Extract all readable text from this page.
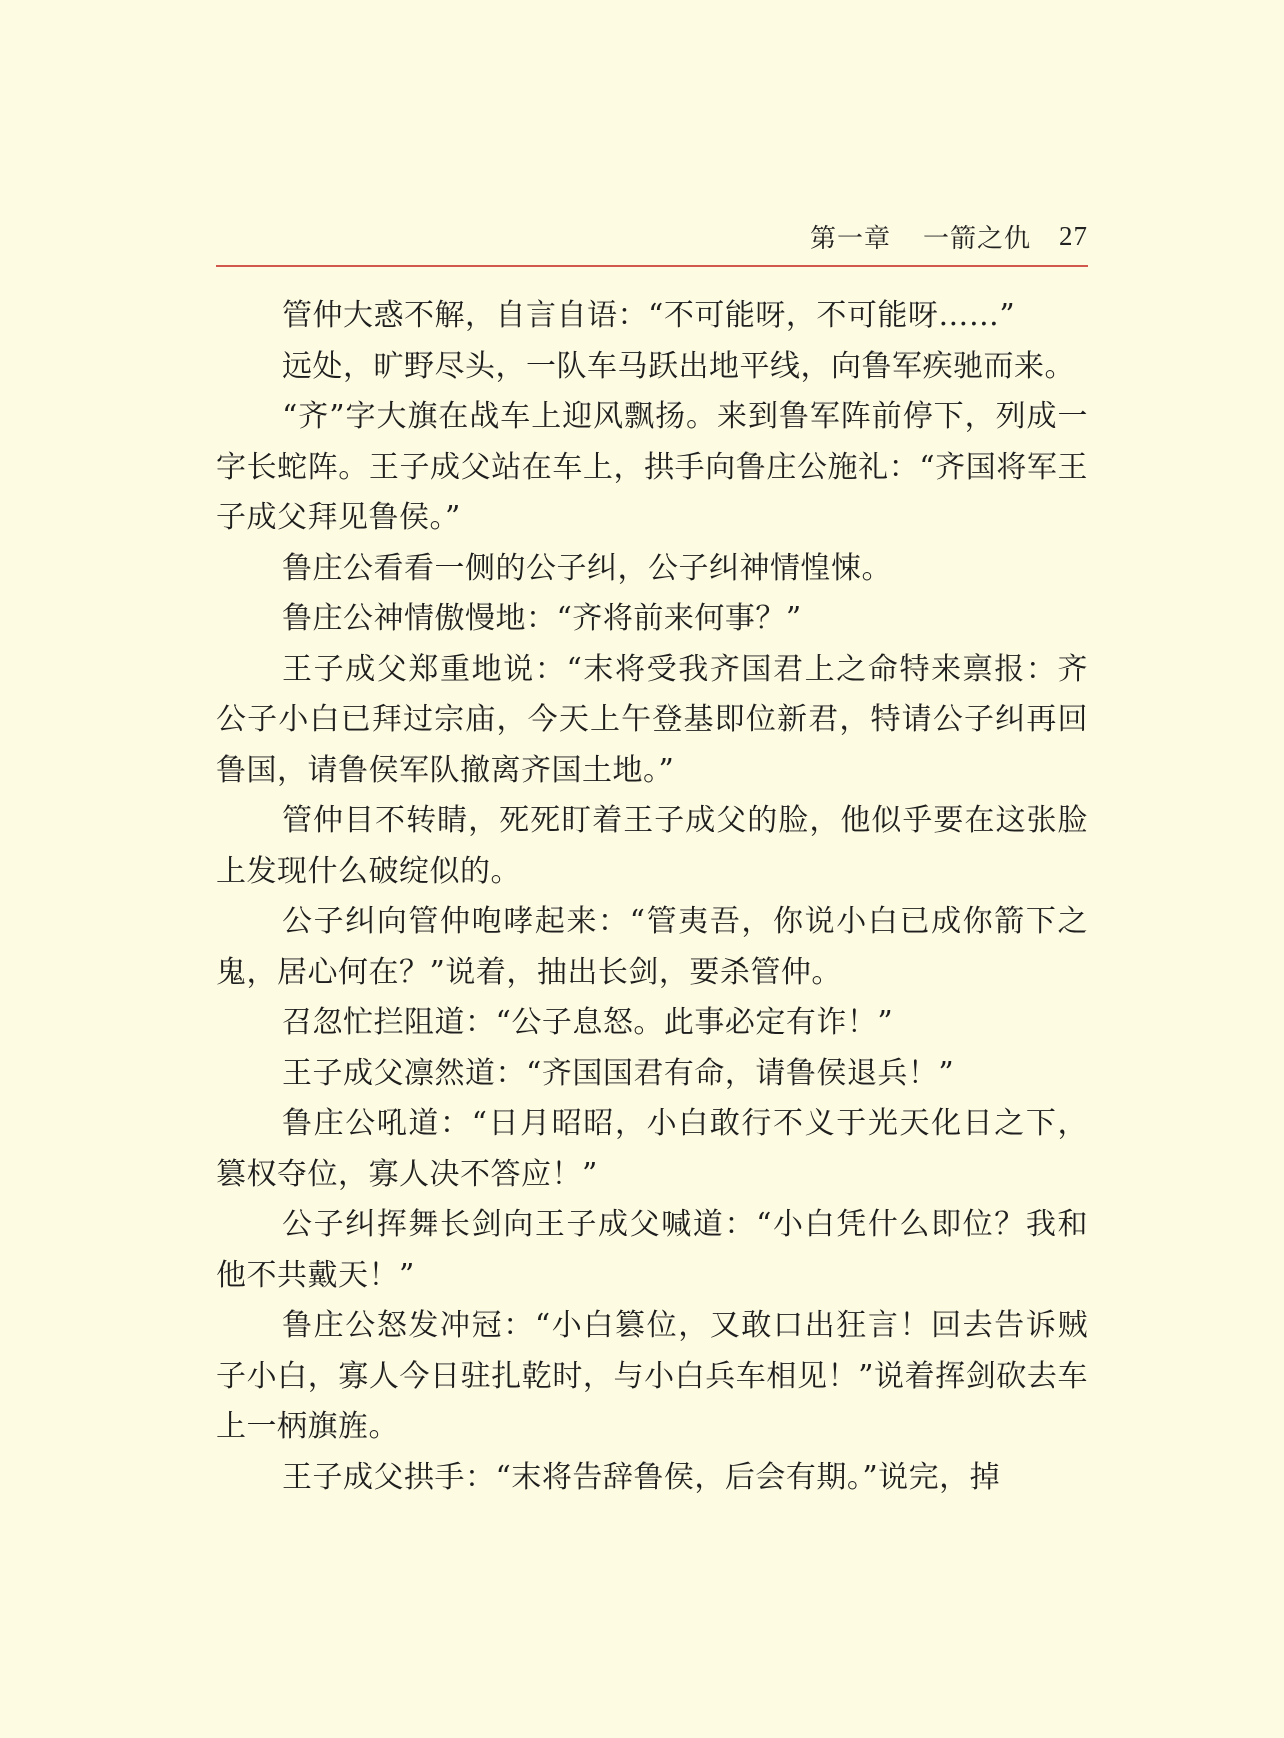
第一章 一箭之仇 27

管仲大惑不解，自言自语：“不可能呀，不可能呀……”

远处，旷野尽头，一队车马跃出地平线，向鲁军疾驰而来。

“齐”字大旗在战车上迎风飘扬。来到鲁军阵前停下，列成一字长蛇阵。王子成父站在车上，拱手向鲁庄公施礼：“齐国将军王子成父拜见鲁侯。”

鲁庄公看看一侧的公子纠，公子纠神情惶悚。

鲁庄公神情傲慢地：“齐将前来何事？”

王子成父郑重地说：“末将受我齐国君上之命特来禀报：齐公子小白已拜过宗庙，今天上午登基即位新君，特请公子纠再回鲁国，请鲁侯军队撤离齐国土地。”

管仲目不转睛，死死盯着王子成父的脸，他似乎要在这张脸上发现什么破绽似的。

公子纠向管仲咆哮起来：“管夷吾，你说小白已成你箭下之鬼，居心何在？”说着，抽出长剑，要杀管仲。

召忽忙拦阻道：“公子息怒。此事必定有诈！”

王子成父凛然道：“齐国国君有命，请鲁侯退兵！”

鲁庄公吼道：“日月昭昭，小白敢行不义于光天化日之下，篡权夺位，寡人决不答应！”

公子纠挥舞长剑向王子成父喊道：“小白凭什么即位？我和他不共戴天！”

鲁庄公怒发冲冠：“小白篡位，又敢口出狂言！回去告诉贼子小白，寡人今日驻扎乾时，与小白兵车相见！”说着挥剑砍去车上一柄旗旌。

王子成父拱手：“末将告辞鲁侯，后会有期。”说完，掉
